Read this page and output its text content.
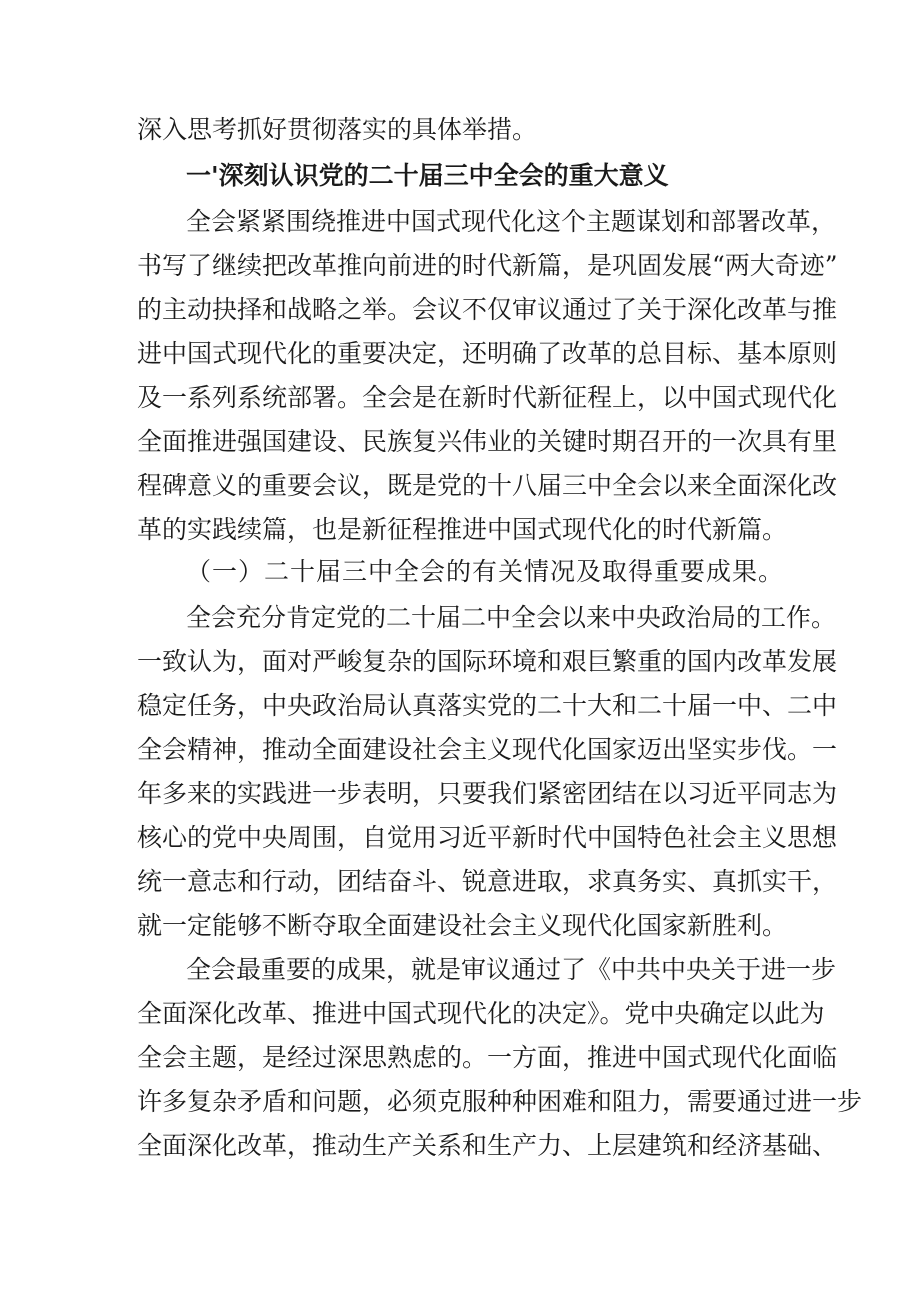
深入思考抓好贯彻落实的具体举措。
一'深刻认识党的二十届三中全会的重大意义
全会紧紧围绕推进中国式现代化这个主题谋划和部署改革，
书写了继续把改革推向前进的时代新篇，是巩固发展“两大奇迹”
的主动抉择和战略之举。会议不仅审议通过了关于深化改革与推
进中国式现代化的重要决定，还明确了改革的总目标、基本原则
及一系列系统部署。全会是在新时代新征程上，以中国式现代化
全面推进强国建设、民族复兴伟业的关键时期召开的一次具有里
程碑意义的重要会议，既是党的十八届三中全会以来全面深化改
革的实践续篇，也是新征程推进中国式现代化的时代新篇。
（一）二十届三中全会的有关情况及取得重要成果。
全会充分肯定党的二十届二中全会以来中央政治局的工作。
一致认为，面对严峻复杂的国际环境和艰巨繁重的国内改革发展
稳定任务，中央政治局认真落实党的二十大和二十届一中、二中
全会精神，推动全面建设社会主义现代化国家迈出坚实步伐。一
年多来的实践进一步表明，只要我们紧密团结在以习近平同志为
核心的党中央周围，自觉用习近平新时代中国特色社会主义思想
统一意志和行动，团结奋斗、锐意进取，求真务实、真抓实干，
就一定能够不断夺取全面建设社会主义现代化国家新胜利。
全会最重要的成果，就是审议通过了《中共中央关于进一步
全面深化改革、推进中国式现代化的决定》。党中央确定以此为
全会主题，是经过深思熟虑的。一方面，推进中国式现代化面临
许多复杂矛盾和问题，必须克服种种困难和阻力，需要通过进一步
全面深化改革，推动生产关系和生产力、上层建筑和经济基础、
